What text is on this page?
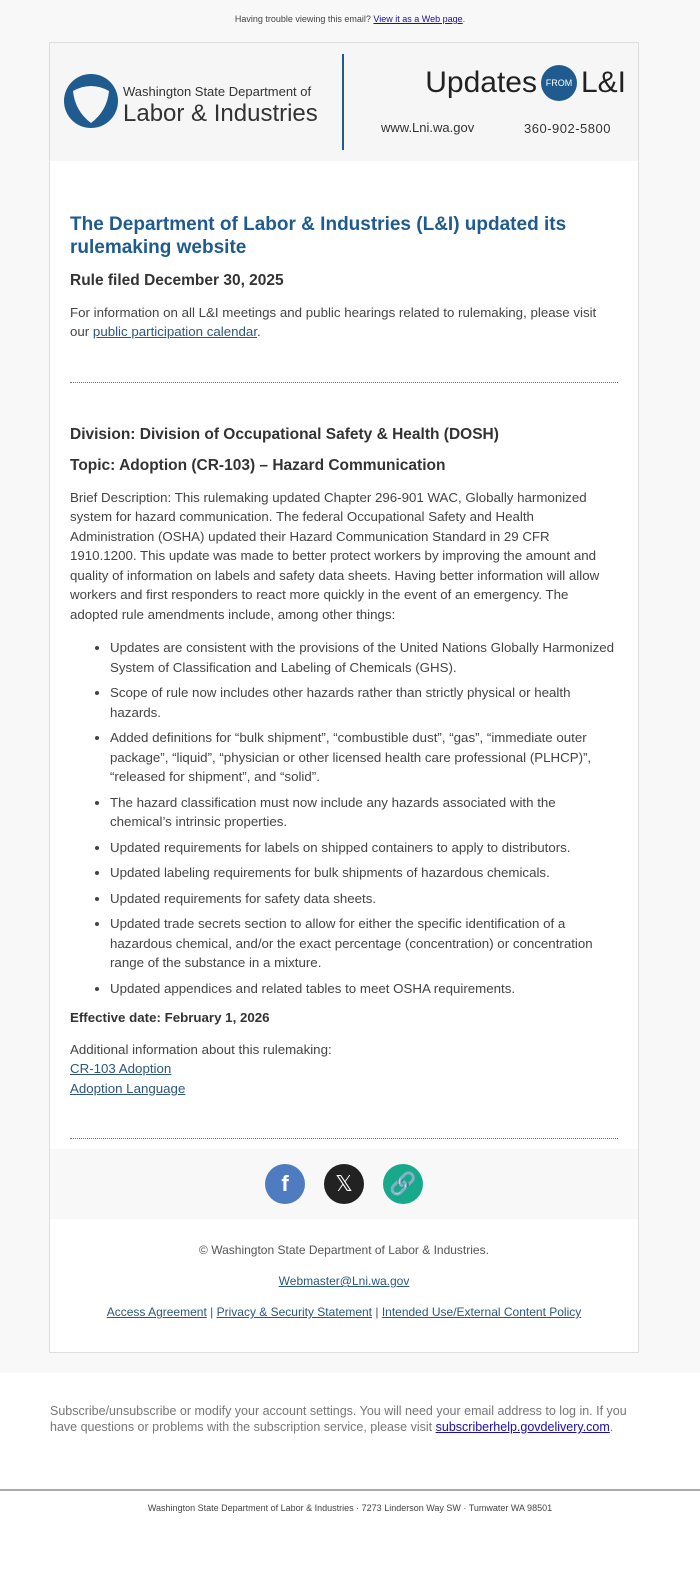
Having trouble viewing this email? View it as a Web page.
Washington State Department of
Labor & Industries
Updates FROM L&I
www.Lni.wa.gov	360-902-5800
The Department of Labor & Industries (L&I) updated its rulemaking website
Rule filed December 30, 2025

For information on all L&I meetings and public hearings related to rulemaking, please visit our public participation calendar.

Division: Division of Occupational Safety & Health (DOSH)
Topic: Adoption (CR-103) – Hazard Communication

Brief Description: This rulemaking updated Chapter 296-901 WAC, Globally harmonized system for hazard communication. The federal Occupational Safety and Health Administration (OSHA) updated their Hazard Communication Standard in 29 CFR 1910.1200. This update was made to better protect workers by improving the amount and quality of information on labels and safety data sheets. Having better information will allow workers and first responders to react more quickly in the event of an emergency. The adopted rule amendments include, among other things:

• Updates are consistent with the provisions of the United Nations Globally Harmonized System of Classification and Labeling of Chemicals (GHS).
• Scope of rule now includes other hazards rather than strictly physical or health hazards.
• Added definitions for “bulk shipment”, “combustible dust”, “gas”, “immediate outer package”, “liquid”, “physician or other licensed health care professional (PLHCP)”, “released for shipment”, and “solid”.
• The hazard classification must now include any hazards associated with the chemical’s intrinsic properties.
• Updated requirements for labels on shipped containers to apply to distributors.
• Updated labeling requirements for bulk shipments of hazardous chemicals.
• Updated requirements for safety data sheets.
• Updated trade secrets section to allow for either the specific identification of a hazardous chemical, and/or the exact percentage (concentration) or concentration range of the substance in a mixture.
• Updated appendices and related tables to meet OSHA requirements.

Effective date: February 1, 2026

Additional information about this rulemaking:
CR-103 Adoption
Adoption Language
f	𝕏	🔗
© Washington State Department of Labor & Industries.
Webmaster@Lni.wa.gov
Access Agreement | Privacy & Security Statement | Intended Use/External Content Policy
Subscribe/unsubscribe or modify your account settings. You will need your email address to log in. If you have questions or problems with the subscription service, please visit subscriberhelp.govdelivery.com.
Washington State Department of Labor & Industries · 7273 Linderson Way SW · Tumwater WA 98501
